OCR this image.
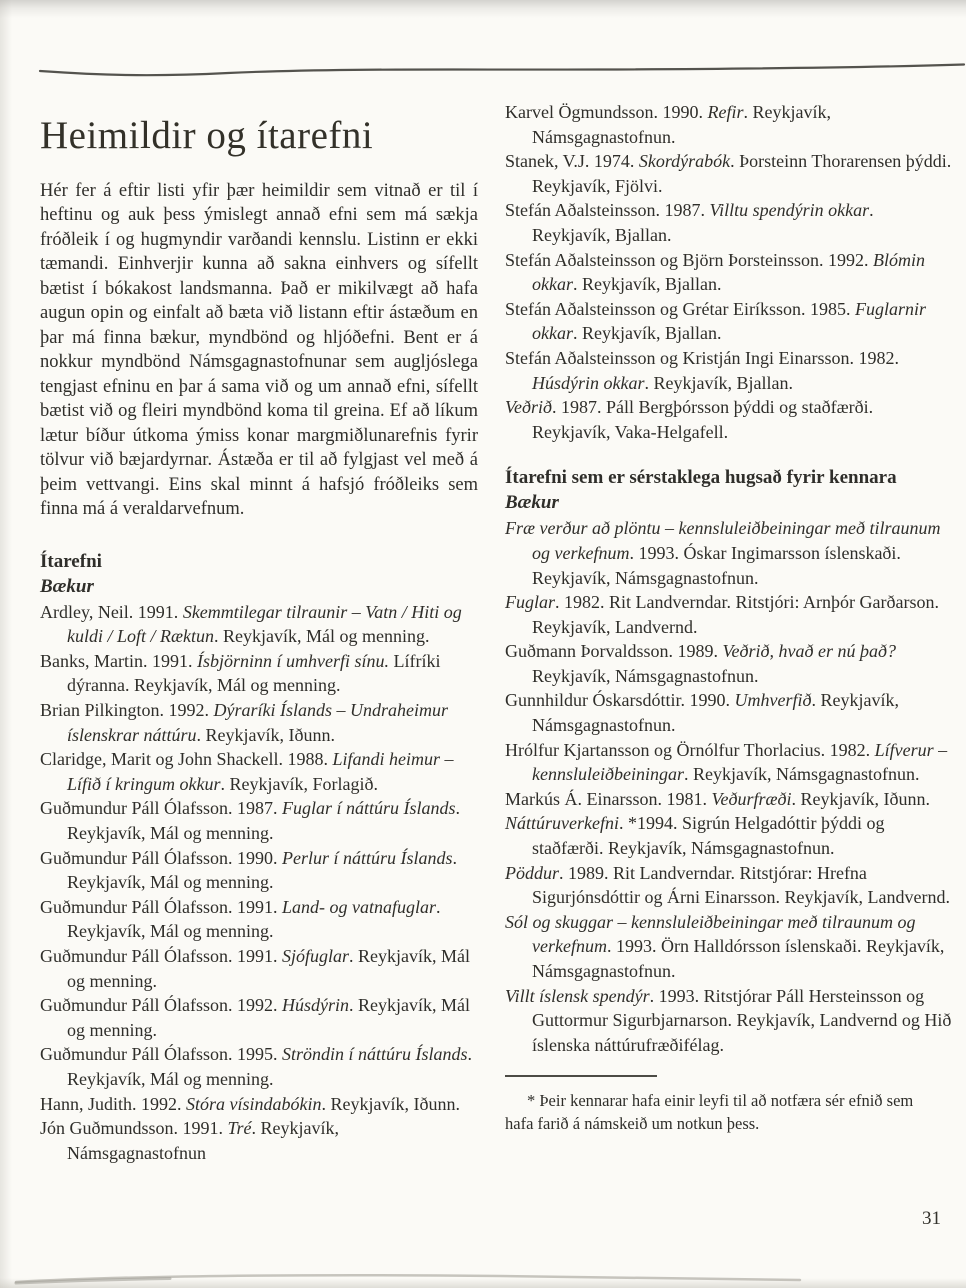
Heimildir og ítarefni

Hér fer á eftir listi yfir þær heimildir sem vitnað er til í heftinu og auk þess ýmislegt annað efni sem má sækja fróðleik í og hugmyndir varðandi kennslu. Listinn er ekki tæmandi. Einhverjir kunna að sakna einhvers og sífellt bætist í bókakost landsmanna. Það er mikilvægt að hafa augun opin og einfalt að bæta við listann eftir ástæðum en þar má finna bækur, myndbönd og hljóðefni. Bent er á nokkur myndbönd Námsgagnastofnunar sem augljóslega tengjast efninu en þar á sama við og um annað efni, sífellt bætist við og fleiri myndbönd koma til greina. Ef að líkum lætur bíður útkoma ýmiss konar margmiðlunarefnis fyrir tölvur við bæjardyrnar. Ástæða er til að fylgjast vel með á þeim vettvangi. Eins skal minnt á hafsjó fróðleiks sem finna má á veraldarvefnum.

Ítarefni
Bækur

Ardley, Neil. 1991. Skemmtilegar tilraunir – Vatn / Hiti og kuldi / Loft / Ræktun. Reykjavík, Mál og menning.

Banks, Martin. 1991. Ísbjörninn í umhverfi sínu. Lífríki dýranna. Reykjavík, Mál og menning.

Brian Pilkington. 1992. Dýraríki Íslands – Undraheimur íslenskrar náttúru. Reykjavík, Iðunn.

Claridge, Marit og John Shackell. 1988. Lifandi heimur – Lífið í kringum okkur. Reykjavík, Forlagið.

Guðmundur Páll Ólafsson. 1987. Fuglar í náttúru Íslands. Reykjavík, Mál og menning.

Guðmundur Páll Ólafsson. 1990. Perlur í náttúru Íslands. Reykjavík, Mál og menning.

Guðmundur Páll Ólafsson. 1991. Land- og vatnafuglar. Reykjavík, Mál og menning.

Guðmundur Páll Ólafsson. 1991. Sjófuglar. Reykjavík, Mál og menning.

Guðmundur Páll Ólafsson. 1992. Húsdýrin. Reykjavík, Mál og menning.

Guðmundur Páll Ólafsson. 1995. Ströndin í náttúru Íslands. Reykjavík, Mál og menning.

Hann, Judith. 1992. Stóra vísindabókin. Reykjavík, Iðunn.

Jón Guðmundsson. 1991. Tré. Reykjavík, Námsgagnastofnun

Karvel Ögmundsson. 1990. Refir. Reykjavík, Námsgagnastofnun.

Stanek, V.J. 1974. Skordýrabók. Þorsteinn Thorarensen þýddi. Reykjavík, Fjölvi.

Stefán Aðalsteinsson. 1987. Villtu spendýrin okkar. Reykjavík, Bjallan.

Stefán Aðalsteinsson og Björn Þorsteinsson. 1992. Blómin okkar. Reykjavík, Bjallan.

Stefán Aðalsteinsson og Grétar Eiríksson. 1985. Fuglarnir okkar. Reykjavík, Bjallan.

Stefán Aðalsteinsson og Kristján Ingi Einarsson. 1982. Húsdýrin okkar. Reykjavík, Bjallan.

Veðrið. 1987. Páll Bergþórsson þýddi og staðfærði. Reykjavík, Vaka-Helgafell.

Ítarefni sem er sérstaklega hugsað fyrir kennara
Bækur

Fræ verður að plöntu – kennsluleiðbeiningar með tilraunum og verkefnum. 1993. Óskar Ingimarsson íslenskaði. Reykjavík, Námsgagnastofnun.

Fuglar. 1982. Rit Landverndar. Ritstjóri: Arnþór Garðarson. Reykjavík, Landvernd.

Guðmann Þorvaldsson. 1989. Veðrið, hvað er nú það? Reykjavík, Námsgagnastofnun.

Gunnhildur Óskarsdóttir. 1990. Umhverfið. Reykjavík, Námsgagnastofnun.

Hrólfur Kjartansson og Örnólfur Thorlacius. 1982. Lífverur – kennsluleiðbeiningar. Reykjavík, Námsgagnastofnun.

Markús Á. Einarsson. 1981. Veðurfræði. Reykjavík, Iðunn.

Náttúruverkefni. *1994. Sigrún Helgadóttir þýddi og staðfærði. Reykjavík, Námsgagnastofnun.

Pöddur. 1989. Rit Landverndar. Ritstjórar: Hrefna Sigurjónsdóttir og Árni Einarsson. Reykjavík, Landvernd.

Sól og skuggar – kennsluleiðbeiningar með tilraunum og verkefnum. 1993. Örn Halldórsson íslenskaði. Reykjavík, Námsgagnastofnun.

Villt íslensk spendýr. 1993. Ritstjórar Páll Hersteinsson og Guttormur Sigurbjarnarson. Reykjavík, Landvernd og Hið íslenska náttúrufræðifélag.

* Þeir kennarar hafa einir leyfi til að notfæra sér efnið sem hafa farið á námskeið um notkun þess.

31
